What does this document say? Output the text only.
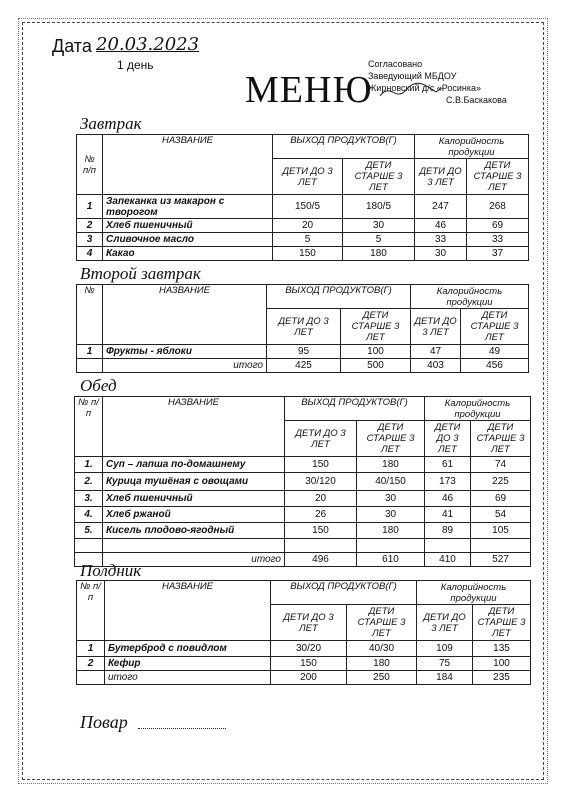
Дата 20.03.2023
1 день
МЕНЮ
Согласовано
Заведующий МБДОУ
Жирновский д/с «Росинка»
С.В.Баскакова
Завтрак
№ п/п	НАЗВАНИЕ	ВЫХОД ПРОДУКТОВ(Г)		Калорийность продукции	
		ДЕТИ ДО 3 ЛЕТ	ДЕТИ СТАРШЕ 3 ЛЕТ	ДЕТИ ДО 3 ЛЕТ	ДЕТИ СТАРШЕ 3 ЛЕТ
1	Запеканка из макарон с творогом	150/5	180/5	247	268
2	Хлеб пшеничный	20	30	46	69
3	Сливочное масло	5	5	33	33
4	Какао	150	180	30	37
Второй завтрак
№	НАЗВАНИЕ	ВЫХОД ПРОДУКТОВ(Г)		Калорийность продукции	
		ДЕТИ ДО 3 ЛЕТ	ДЕТИ СТАРШЕ 3 ЛЕТ	ДЕТИ ДО 3 ЛЕТ	ДЕТИ СТАРШЕ 3 ЛЕТ
1	Фрукты - яблоки	95	100	47	49
	итого	425	500	403	456
Обед
№ п/п	НАЗВАНИЕ	ВЫХОД ПРОДУКТОВ(Г)		Калорийность продукции	
		ДЕТИ ДО 3 ЛЕТ	ДЕТИ СТАРШЕ 3 ЛЕТ	ДЕТИ ДО 3 ЛЕТ	ДЕТИ СТАРШЕ 3 ЛЕТ
1.	Суп – лапша по-домашнему	150	180	61	74
2.	Курица тушёная с овощами	30/120	40/150	173	225
3.	Хлеб пшеничный	20	30	46	69
4.	Хлеб ржаной	26	30	41	54
5.	Кисель плодово-ягодный	150	180	89	105

	итого	496	610	410	527
Полдник
№ п/п	НАЗВАНИЕ	ВЫХОД ПРОДУКТОВ(Г)		Калорийность продукции	
		ДЕТИ ДО 3 ЛЕТ	ДЕТИ СТАРШЕ 3 ЛЕТ	ДЕТИ ДО 3 ЛЕТ	ДЕТИ СТАРШЕ 3 ЛЕТ
1	Бутерброд с повидлом	30/20	40/30	109	135
2	Кефир	150	180	75	100
	итого	200	250	184	235
Повар
